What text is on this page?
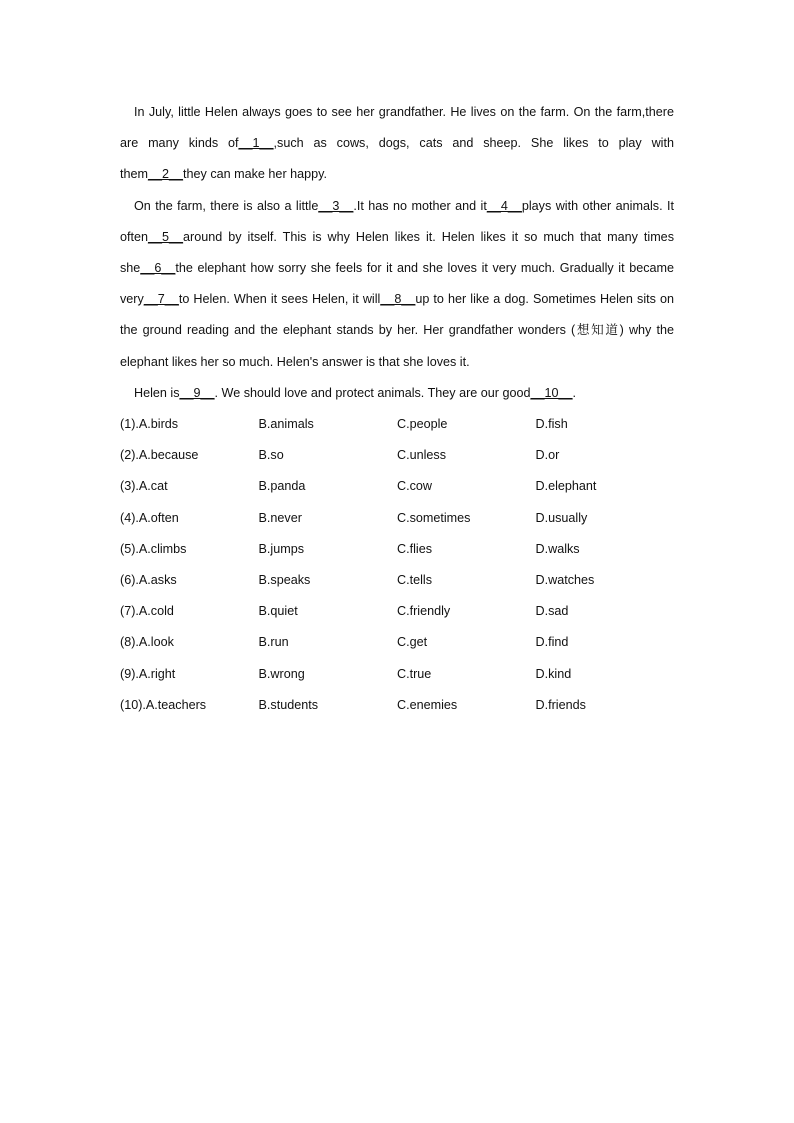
In July, little Helen always goes to see her grandfather. He lives on the farm. On the farm,there are many kinds of__1__,such as cows, dogs, cats and sheep. She likes to play with them__2__they can make her happy.

On the farm, there is also a little__3__.It has no mother and it__4__plays with other animals. It often__5__around by itself. This is why Helen likes it. Helen likes it so much that many times she__6__the elephant how sorry she feels for it and she loves it very much. Gradually it became very__7__to Helen. When it sees Helen, it will__8__up to her like a dog. Sometimes Helen sits on the ground reading and the elephant stands by her. Her grandfather wonders (想知道) why the elephant likes her so much. Helen's answer is that she loves it.

Helen is__9__. We should love and protect animals. They are our good__10__.

(1).A.birds	B.animals	C.people	D.fish
(2).A.because	B.so	C.unless	D.or
(3).A.cat	B.panda	C.cow	D.elephant
(4).A.often	B.never	C.sometimes	D.usually
(5).A.climbs	B.jumps	C.flies	D.walks
(6).A.asks	B.speaks	C.tells	D.watches
(7).A.cold	B.quiet	C.friendly	D.sad
(8).A.look	B.run	C.get	D.find
(9).A.right	B.wrong	C.true	D.kind
(10).A.teachers	B.students	C.enemies	D.friends
